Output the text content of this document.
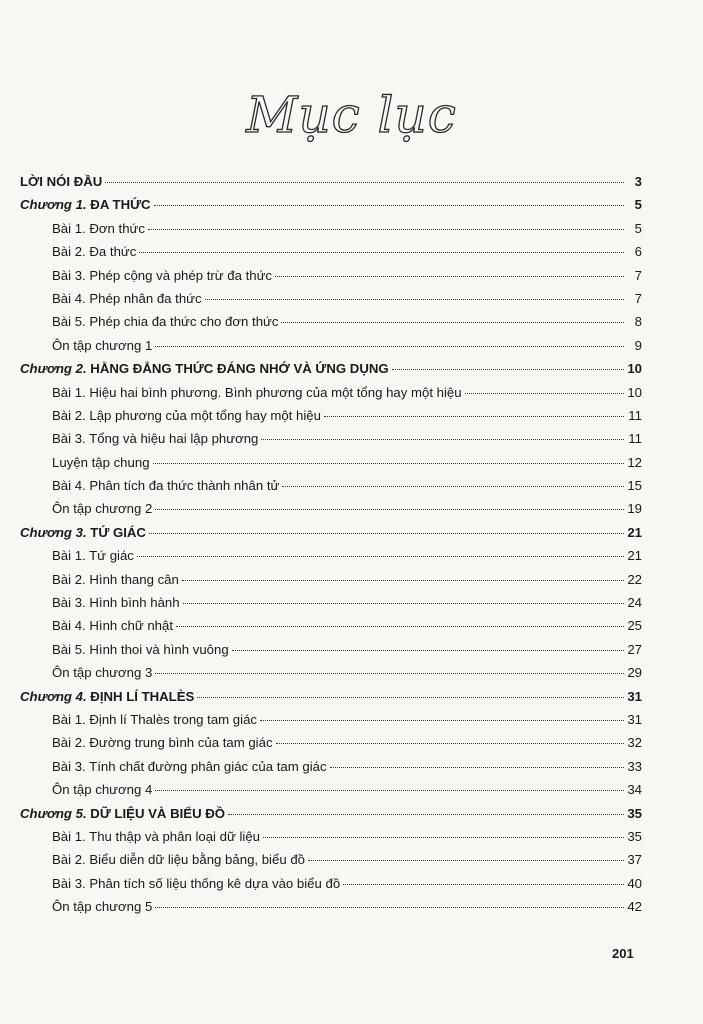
Mục lục
LỜI NÓI ĐẦU	3
Chương 1. ĐA THỨC	5
Bài 1. Đơn thức	5
Bài 2. Đa thức	6
Bài 3. Phép cộng và phép trừ đa thức	7
Bài 4. Phép nhân đa thức	7
Bài 5. Phép chia đa thức cho đơn thức	8
Ôn tập chương 1	9
Chương 2. HẰNG ĐẲNG THỨC ĐÁNG NHỚ VÀ ỨNG DỤNG	10
Bài 1. Hiệu hai bình phương. Bình phương của một tổng hay một hiệu	10
Bài 2. Lập phương của một tổng hay một hiệu	11
Bài 3. Tổng và hiệu hai lập phương	11
Luyện tập chung	12
Bài 4. Phân tích đa thức thành nhân tử	15
Ôn tập chương 2	19
Chương 3. TỨ GIÁC	21
Bài 1. Tứ giác	21
Bài 2. Hình thang cân	22
Bài 3. Hình bình hành	24
Bài 4. Hình chữ nhật	25
Bài 5. Hình thoi và hình vuông	27
Ôn tập chương 3	29
Chương 4. ĐỊNH LÍ THALÈS	31
Bài 1. Định lí Thalès trong tam giác	31
Bài 2. Đường trung bình của tam giác	32
Bài 3. Tính chất đường phân giác của tam giác	33
Ôn tập chương 4	34
Chương 5. DỮ LIỆU VÀ BIỂU ĐỒ	35
Bài 1. Thu thập và phân loại dữ liệu	35
Bài 2. Biểu diễn dữ liệu bằng bảng, biểu đồ	37
Bài 3. Phân tích số liệu thống kê dựa vào biểu đồ	40
Ôn tập chương 5	42
201
